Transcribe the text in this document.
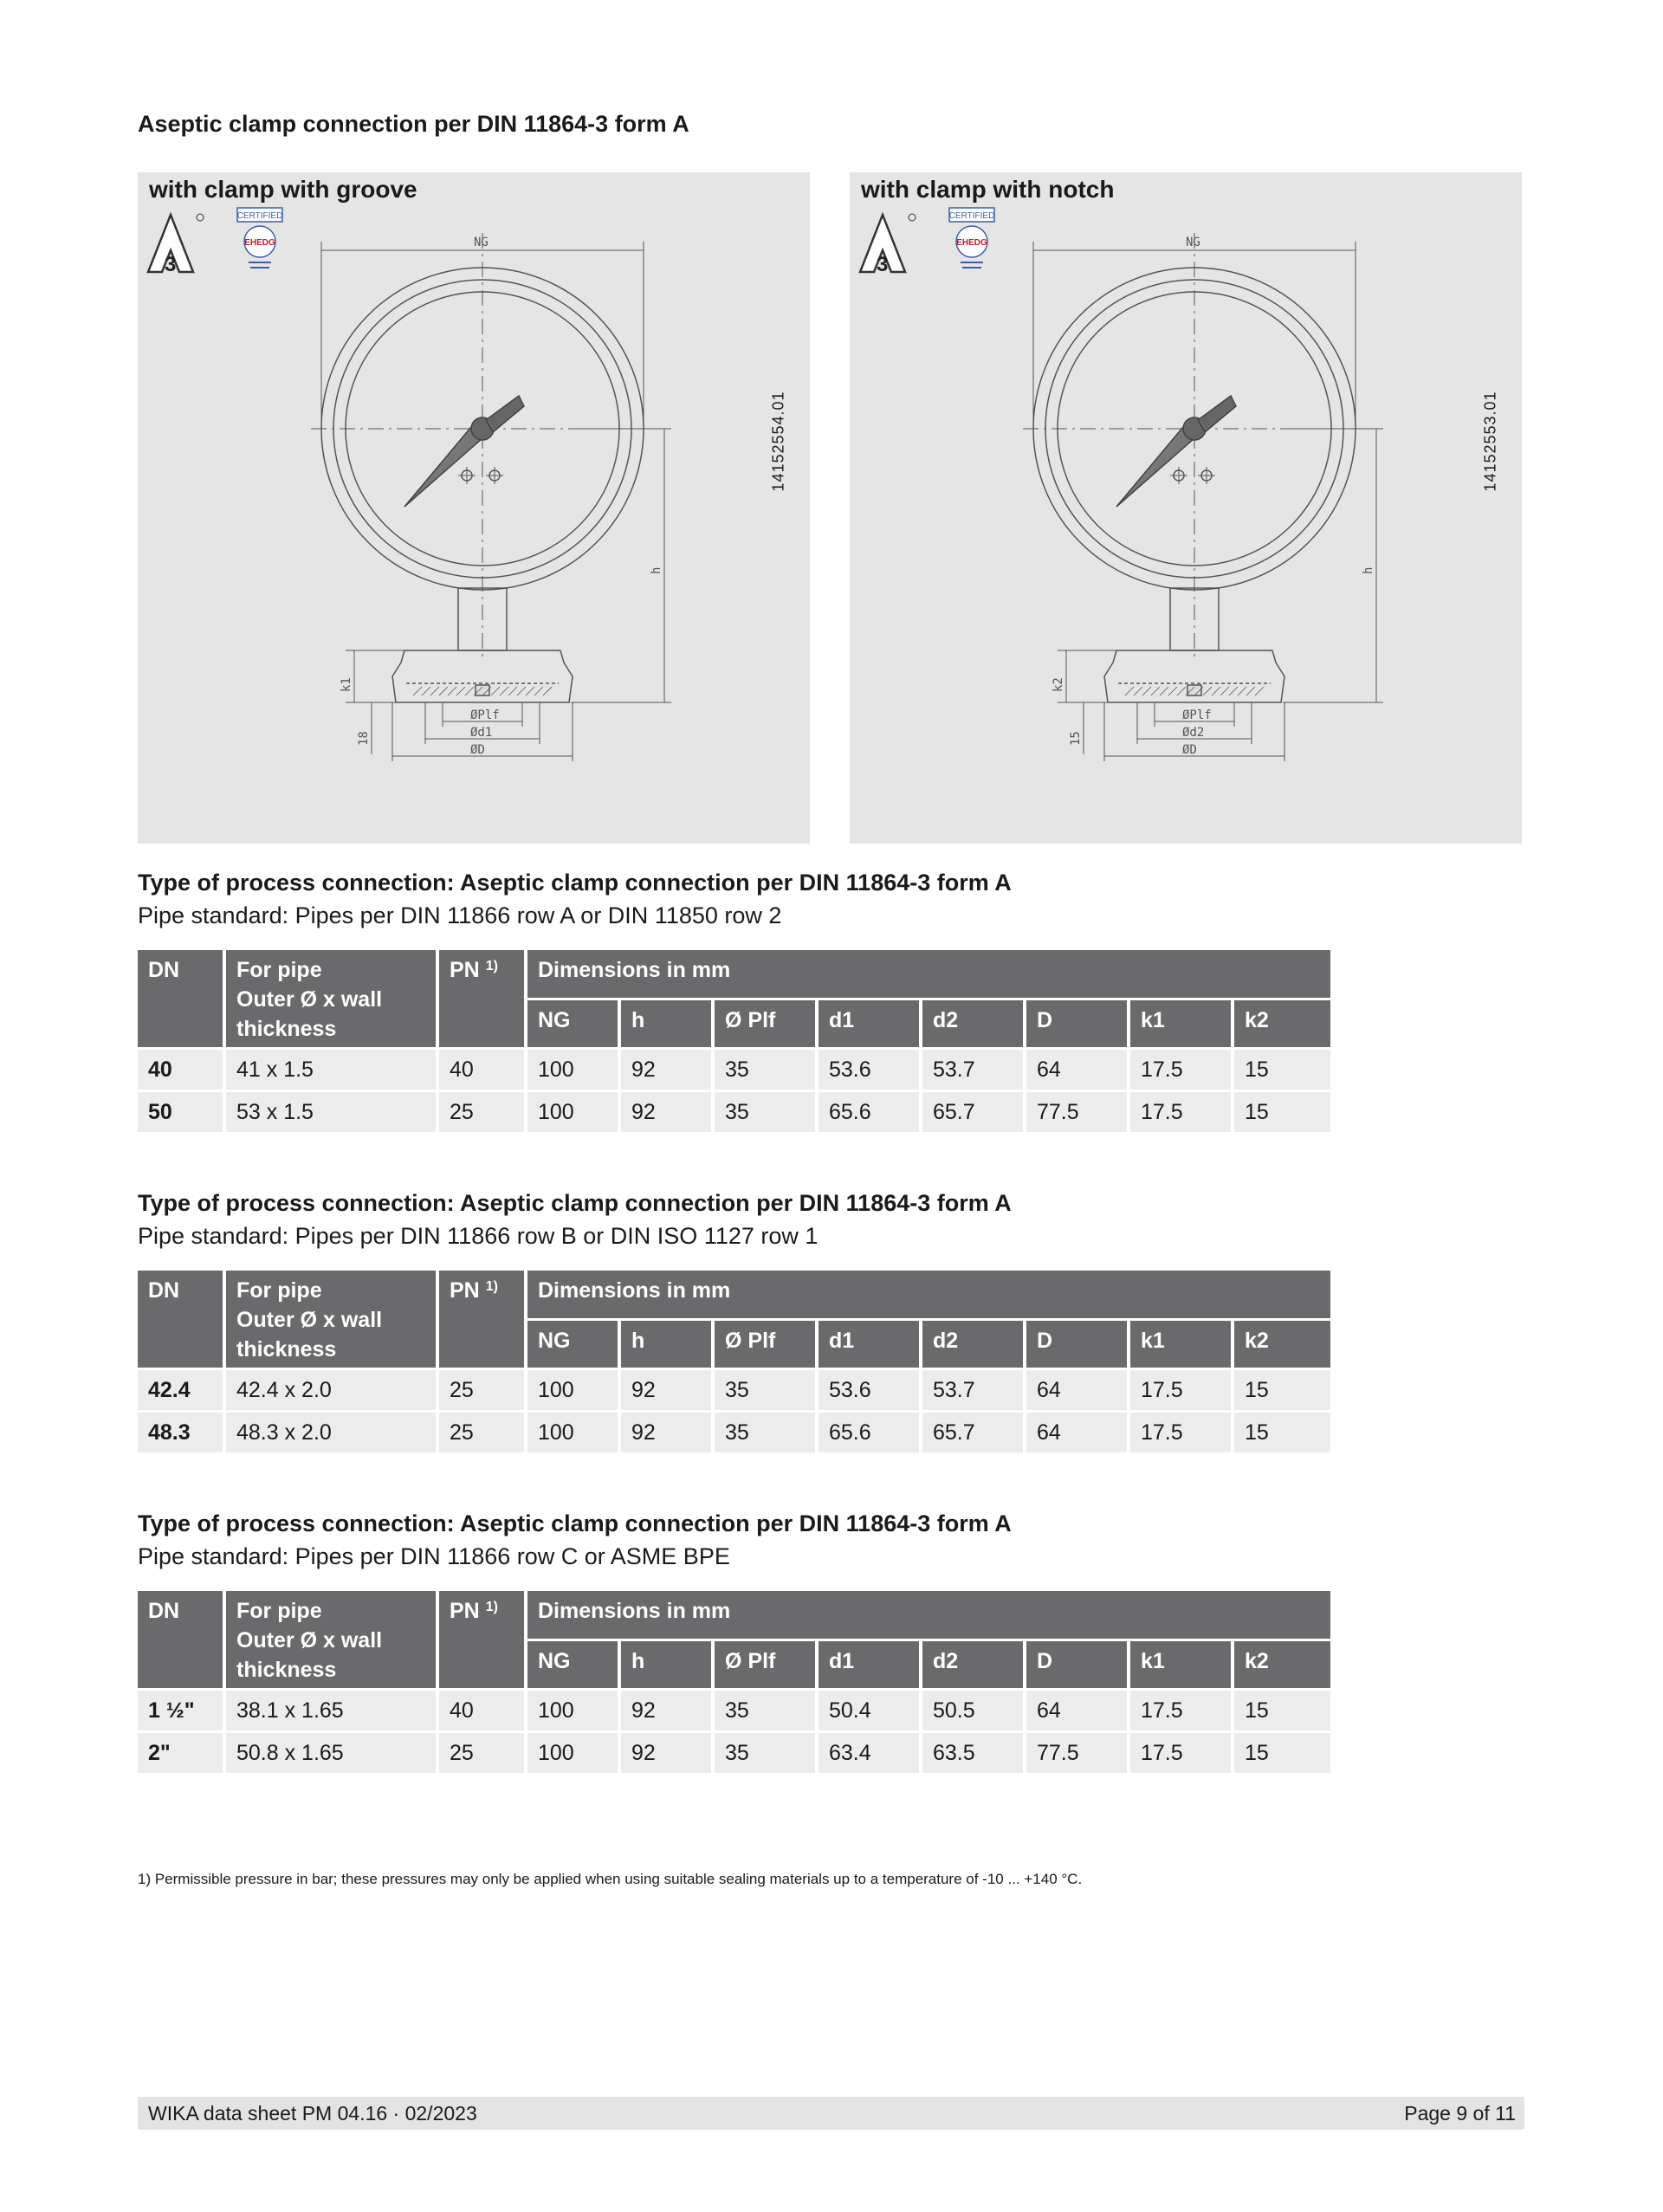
Aseptic clamp connection per DIN 11864-3 form A
3
CERTIFIED
EHEDG	NG
h
k1
18
ØPlf
Ød1
ØD
with clamp with groove
14152554.01
3
CERTIFIED
EHEDG	NG
h
k2
15
ØPlf
Ød2
ØD
with clamp with notch
14152553.01
Type of process connection: Aseptic clamp connection per DIN 11864-3 form A
Pipe standard: Pipes per DIN 11866 row A or DIN 11850 row 2
DN	For pipe
Outer Ø x wall
thickness	PN $^{1)}$	Dimensions in mm							
			NG	h	Ø Plf	d1	d2	D	k1	k2
40	41 x 1.5	40	100	92	35	53.6	53.7	64	17.5	15
50	53 x 1.5	25	100	92	35	65.6	65.7	77.5	17.5	15
Type of process connection: Aseptic clamp connection per DIN 11864-3 form A
Pipe standard: Pipes per DIN 11866 row B or DIN ISO 1127 row 1
DN	For pipe
Outer Ø x wall
thickness	PN $^{1)}$	Dimensions in mm							
			NG	h	Ø Plf	d1	d2	D	k1	k2
42.4	42.4 x 2.0	25	100	92	35	53.6	53.7	64	17.5	15
48.3	48.3 x 2.0	25	100	92	35	65.6	65.7	64	17.5	15
Type of process connection: Aseptic clamp connection per DIN 11864-3 form A
Pipe standard: Pipes per DIN 11866 row C or ASME BPE
DN	For pipe
Outer Ø x wall
thickness	PN $^{1)}$	Dimensions in mm							
			NG	h	Ø Plf	d1	d2	D	k1	k2
1 ½"	38.1 x 1.65	40	100	92	35	50.4	50.5	64	17.5	15
2"	50.8 x 1.65	25	100	92	35	63.4	63.5	77.5	17.5	15
1) Permissible pressure in bar; these pressures may only be applied when using suitable sealing materials up to a temperature of -10 ... +140 °C.
WIKA data sheet PM 04.16 · 02/2023	Page 9 of 11
